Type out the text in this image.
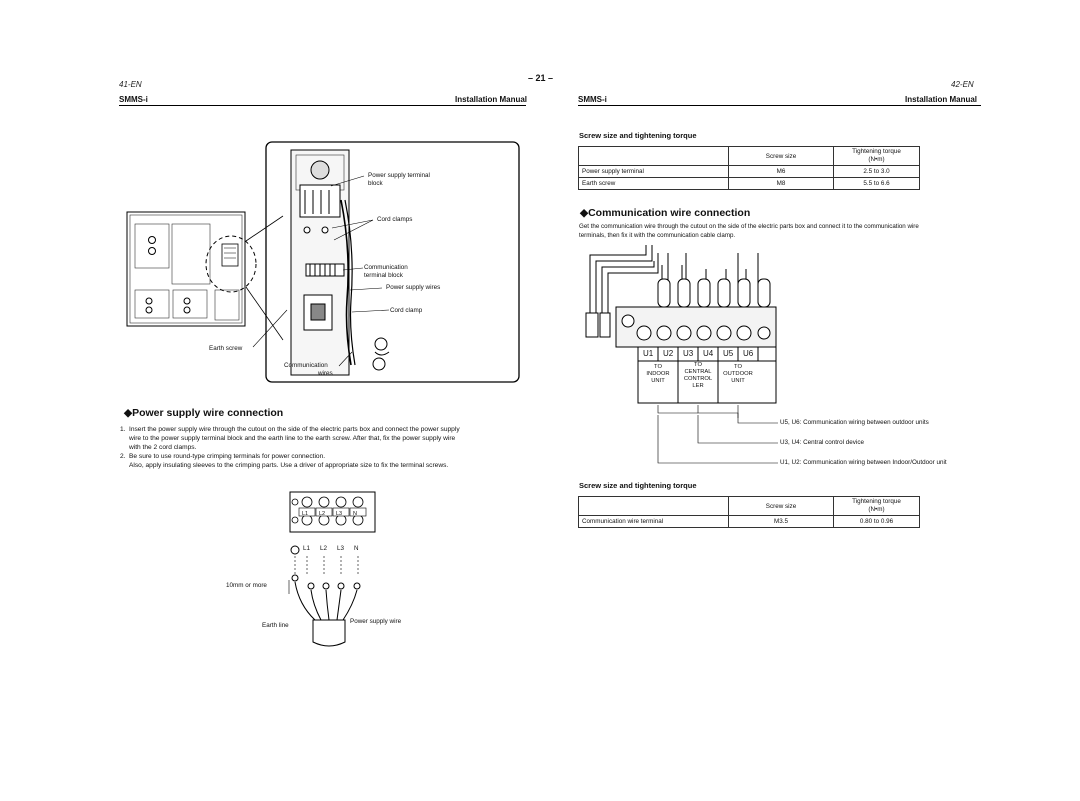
– 21 –
41-EN
SMMS-i	Installation Manual
42-EN
SMMS-i	Installation Manual
Power supply terminal
block
Cord clamps
Communication
terminal block
Power supply wires
Cord clamp
Earth screw
Communication
wires
◆Power supply wire connection
1. Insert the power supply wire through the cutout on the side of the electric parts box and connect the power supply
wire to the power supply terminal block and the earth line to the earth screw. After that, fix the power supply wire
with the 2 cord clamps.
2. Be sure to use round-type crimping terminals for power connection.
Also, apply insulating sleeves to the crimping parts. Use a driver of appropriate size to fix the terminal screws.
L1 L2 L3 N
L1 L2 L3 N
10mm or more
Earth line
Power supply wire
Screw size and tightening torque
	Screw size	Tightening torque
(N•m)

Power supply terminal	M6	2.5 to 3.0
Earth screw	M8	5.5 to 6.6
◆Communication wire connection
Get the communication wire through the cutout on the side of the electric parts box and connect it to the communication wire
terminals, then fix it with the communication cable clamp.
U1 U2 U3 U4 U5 U6
TO
INDOOR
UNIT
TO
CENTRAL
CONTROL
LER
TO
OUTDOOR
UNIT
U5, U6: Communication wiring between outdoor units
U3, U4: Central control device
U1, U2: Communication wiring between Indoor/Outdoor unit
Screw size and tightening torque
	Screw size	Tightening torque
(N•m)

Communication wire terminal	M3.5	0.80 to 0.96
